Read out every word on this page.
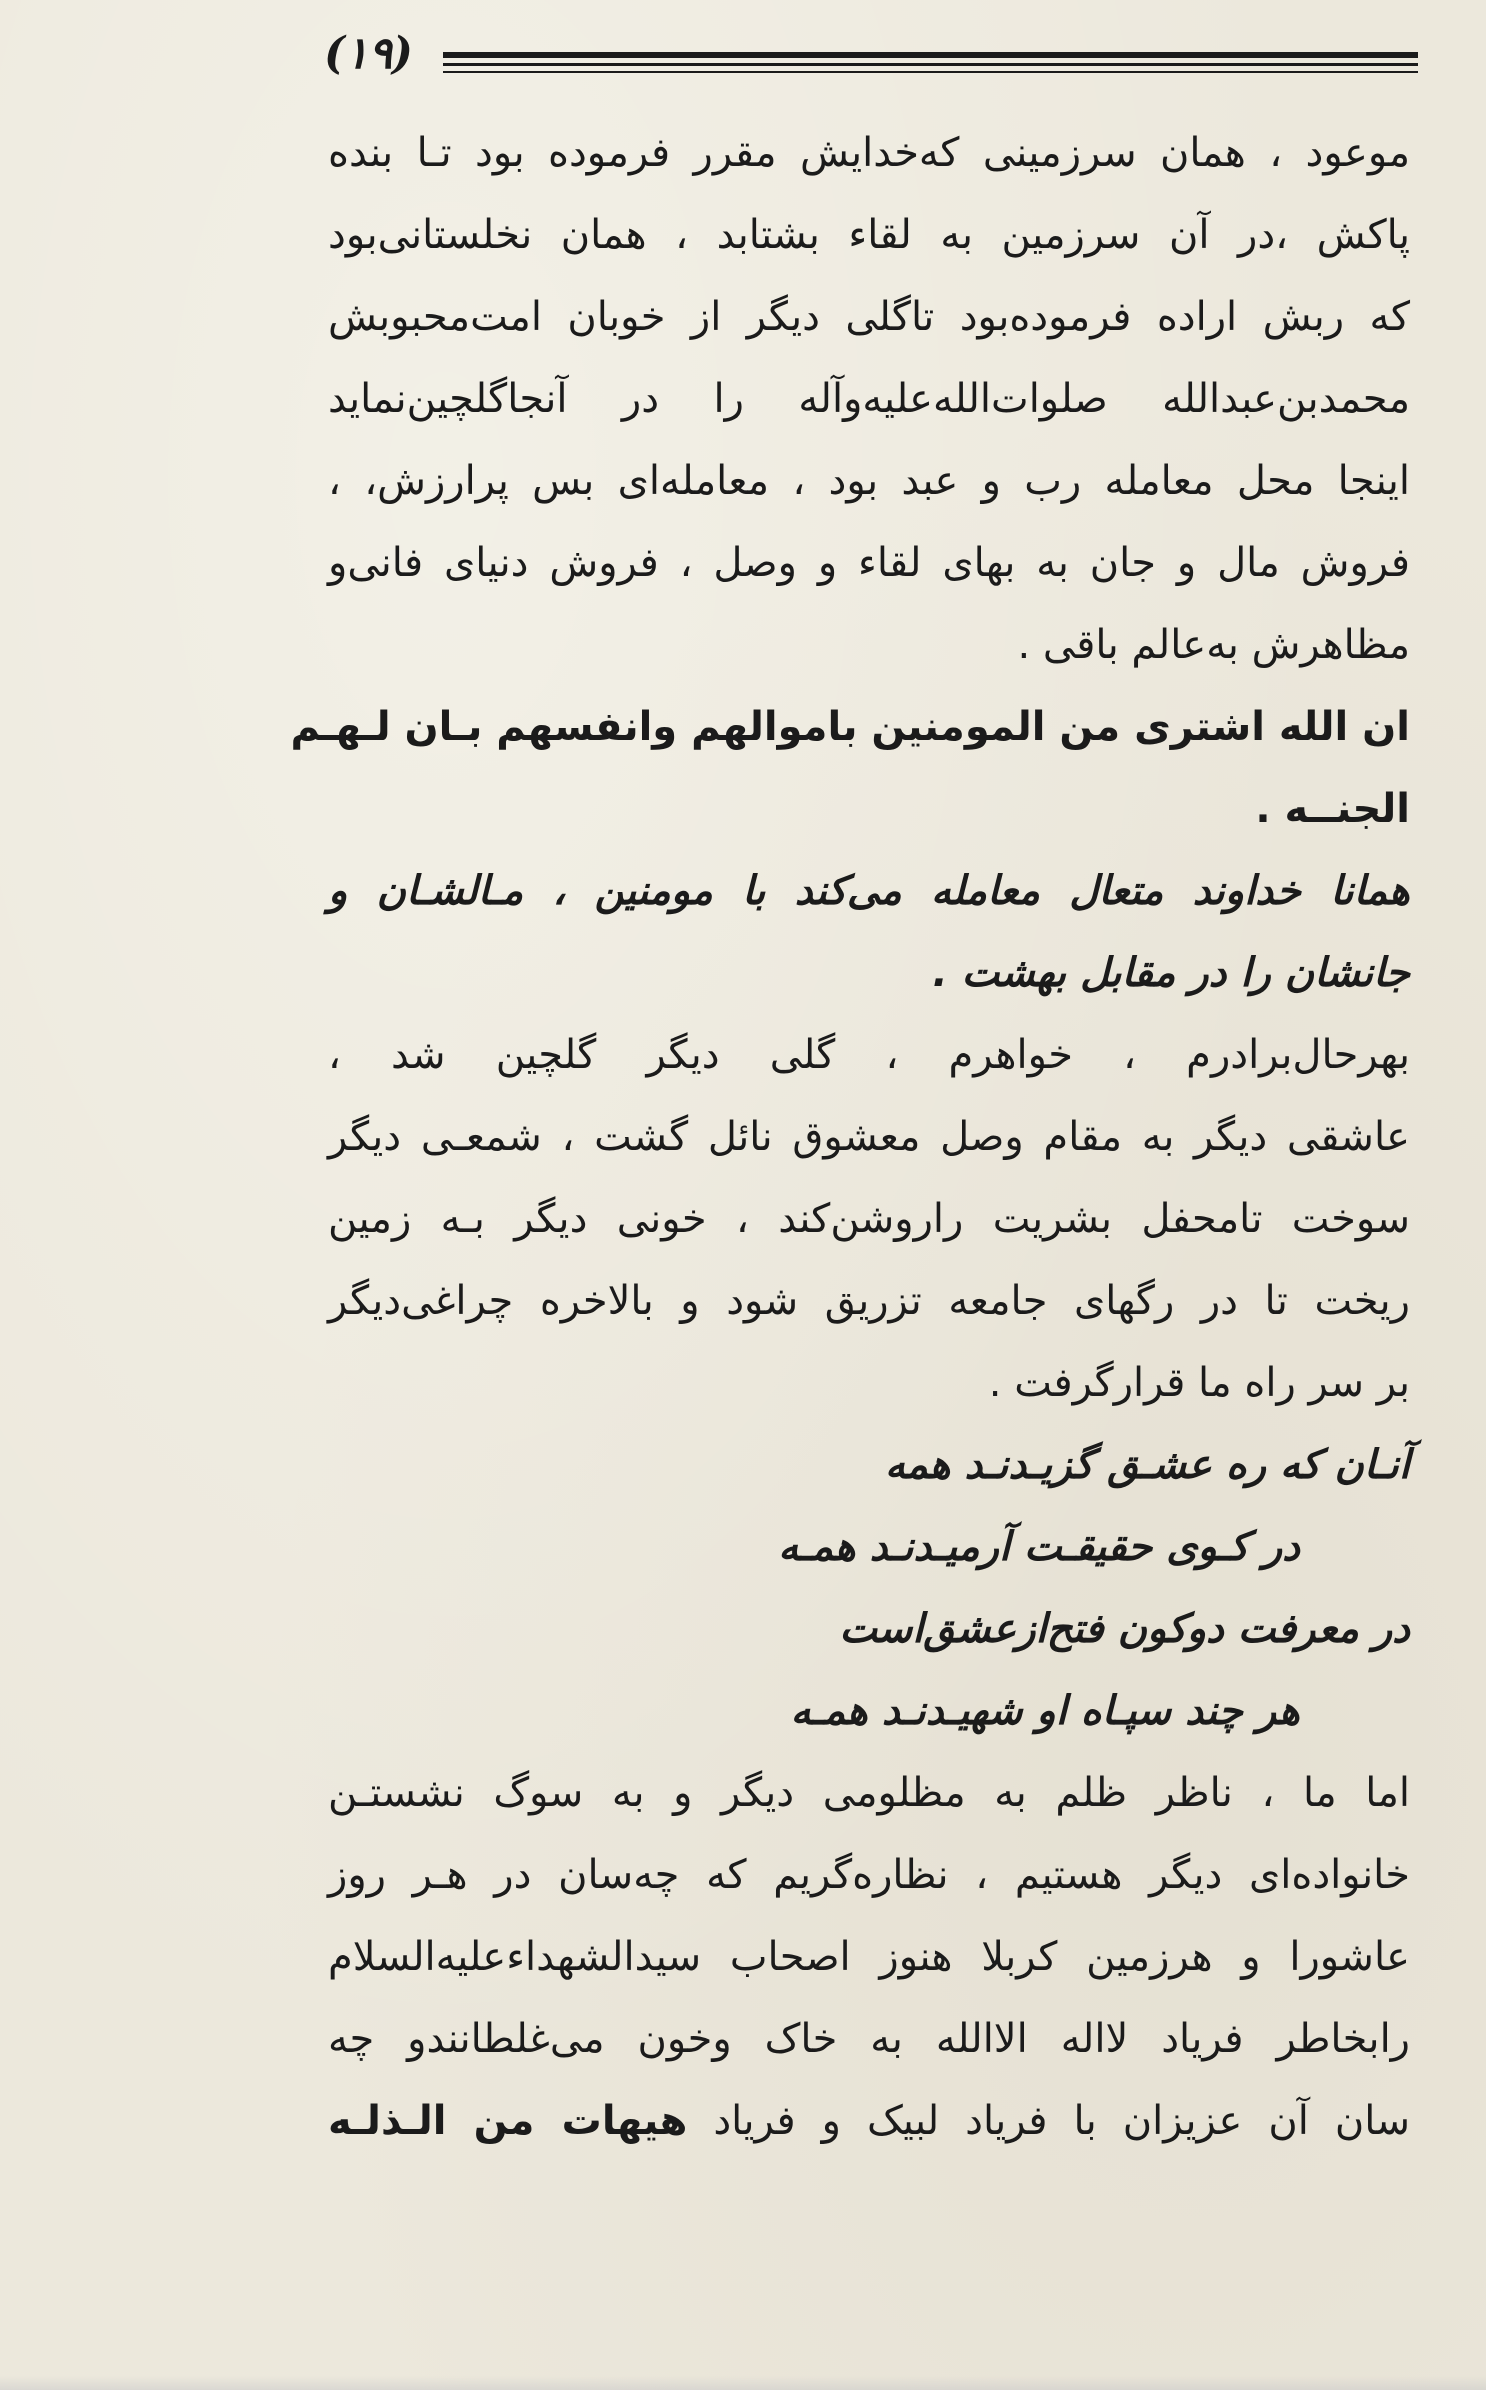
(۱۹)
موعود ، همان سرزمینی که‌خدایش مقرر فرموده بود تـا بنده
پاکش ،در آن سرزمین به لقاء بشتابد ، همان نخلستانی‌بود
که ربش اراده فرموده‌بود تاگلی دیگر از خوبان امت‌محبوبش
محمدبن‌عبدالله صلوات‌الله‌علیه‌وآله را در آنجاگلچین‌نماید
اینجا محل معامله رب و عبد بود ، معامله‌ای بس پرارزش، ،
فروش مال و جان به بهای لقاء و وصل ، فروش دنیای فانی‌و
مظاهرش به‌عالم باقی .
ان الله اشتری من المومنین باموالهم وانفسهم بـان لـهـم
الجنــه .
همانا خداوند متعال معامله می‌کند با مومنین ، مـالشـان و
جانشان را در مقابل بهشت .
بهرحال‌برادرم ، خواهرم ، گلی دیگر گلچین شد ،
عاشقی دیگر به مقام وصل معشوق نائل گشت ، شمعـی دیگر
سوخت تامحفل بشریت راروشن‌کند ، خونی دیگر بـه زمین
ریخت تا در رگهای جامعه تزریق شود و بالاخره چراغی‌دیگر
بر سر راه ما قرارگرفت .
آنـان که ره عشـق گزیـدنـد همه
در کـوی حقیقـت آرمیـدنـد همـه
در معرفت دوکون فتح‌ازعشق‌است
هر چند سپـاه او شهیـدنـد همـه
اما ما ، ناظر ظلم به مظلومی دیگر و به سوگ نشستـن
خانواده‌ای دیگر هستیم ، نظاره‌گریم که چه‌سان در هـر روز
عاشورا و هرزمین کربلا هنوز اصحاب سیدالشهداءعلیه‌السلام
رابخاطر فریاد لااله الاالله به خاک وخون می‌غلطانندو چه
سان آن عزیزان با فریاد لبیک و فریاد هیهات من الـذلـه
